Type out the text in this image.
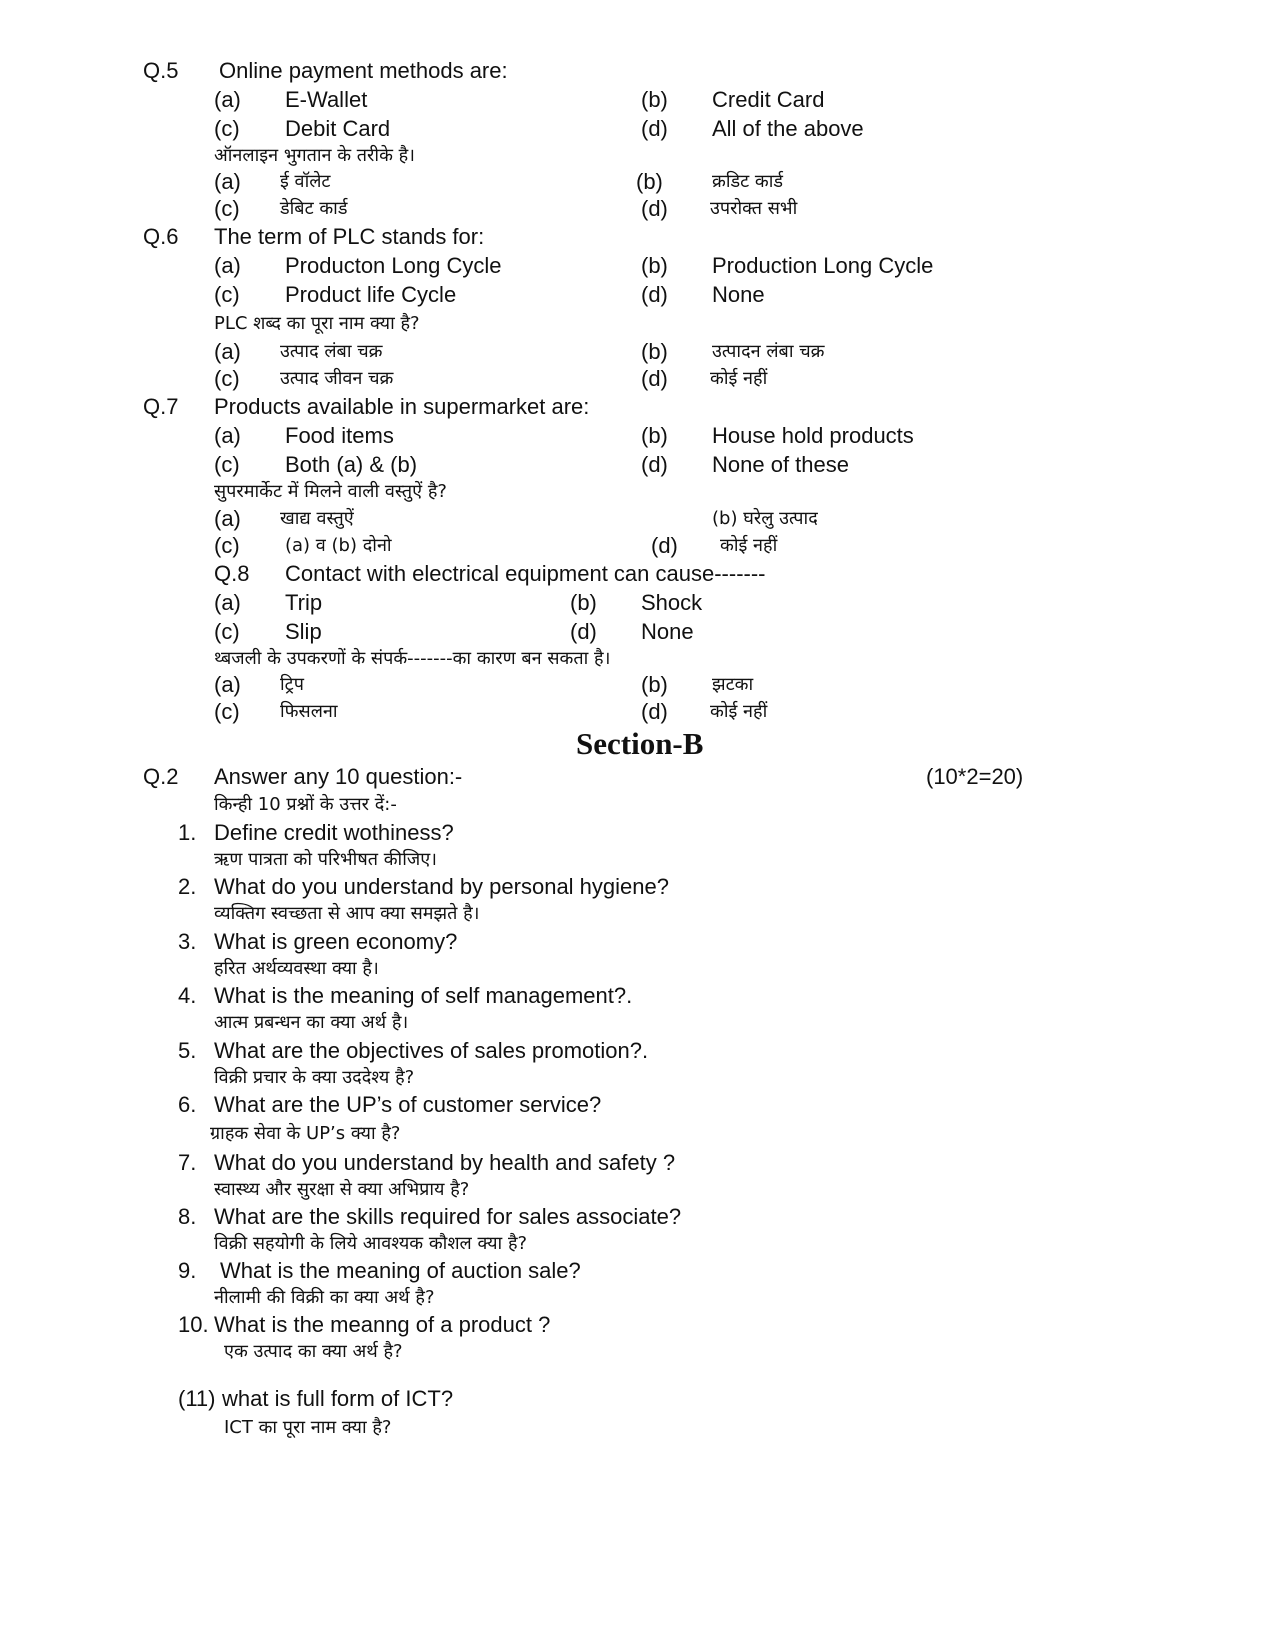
Q.5 Online payment methods are:
(a) E-Wallet	(b) Credit Card
(c) Debit Card	(d) All of the above
ऑनलाइन भुगतान के तरीके है।
(a) ई वॉलेट	(b)	क्रडिट कार्ड
(c) डेबिट कार्ड	(d) उपरोक्त सभी
Q.6 The term of PLC stands for:
(a) Producton Long Cycle	(b) Production Long Cycle
(c) Product life Cycle	(d) None
PLC शब्द का पूरा नाम क्या है?
(a) उत्पाद लंबा चक्र	(b) उत्पादन लंबा चक्र
(c) उत्पाद जीवन चक्र	(d) कोई नहीं
Q.7 Products available in supermarket are:
(a) Food items	(b) House hold products
(c) Both (a) & (b)	(d) None of these
सुपरमार्केट में मिलने वाली वस्तुऐं है?
(a) खाद्य वस्तुऐं	(b) घरेलु उत्पाद
(c)	(a) व (b) दोनो	(d) कोई नहीं
Q.8 Contact with electrical equipment can cause-------
(a) Trip	(b) Shock
(c) Slip	(d) None
थ्बजली के उपकरणों के संपर्क-------का कारण बन सकता है।
(a) ट्रिप	(b) झटका
(c) फिसलना	(d) कोई नहीं
Section-B
Q.2 Answer any 10 question:-	(10*2=20)
किन्ही 10 प्रश्नों के उत्तर दें:-
1. Define credit wothiness?
ऋण पात्रता को परिभीषत कीजिए।
2. What do you understand by personal hygiene?
व्यक्तिग स्वच्छता से आप क्या समझते है।
3. What is green economy?
हरित अर्थव्यवस्था क्या है।
4. What is the meaning of self management?.
आत्म प्रबन्धन का क्या अर्थ है।
5. What are the objectives of sales promotion?.
विक्री प्रचार के क्या उददेश्य है?
6. What are the UP’s of customer service?
ग्राहक सेवा के UP’s क्या है?
7. What do you understand by health and safety ?
स्वास्थ्य और सुरक्षा से क्या अभिप्राय है?
8. What are the skills required for sales associate?
विक्री सहयोगी के लिये आवश्यक कौशल क्या है?
9. What is the meaning of auction sale?
नीलामी की विक्री का क्या अर्थ है?
10. What is the meanng of a product ?
एक उत्पाद का क्या अर्थ है?
(11) what is full form of ICT?
ICT का पूरा नाम क्या है?
